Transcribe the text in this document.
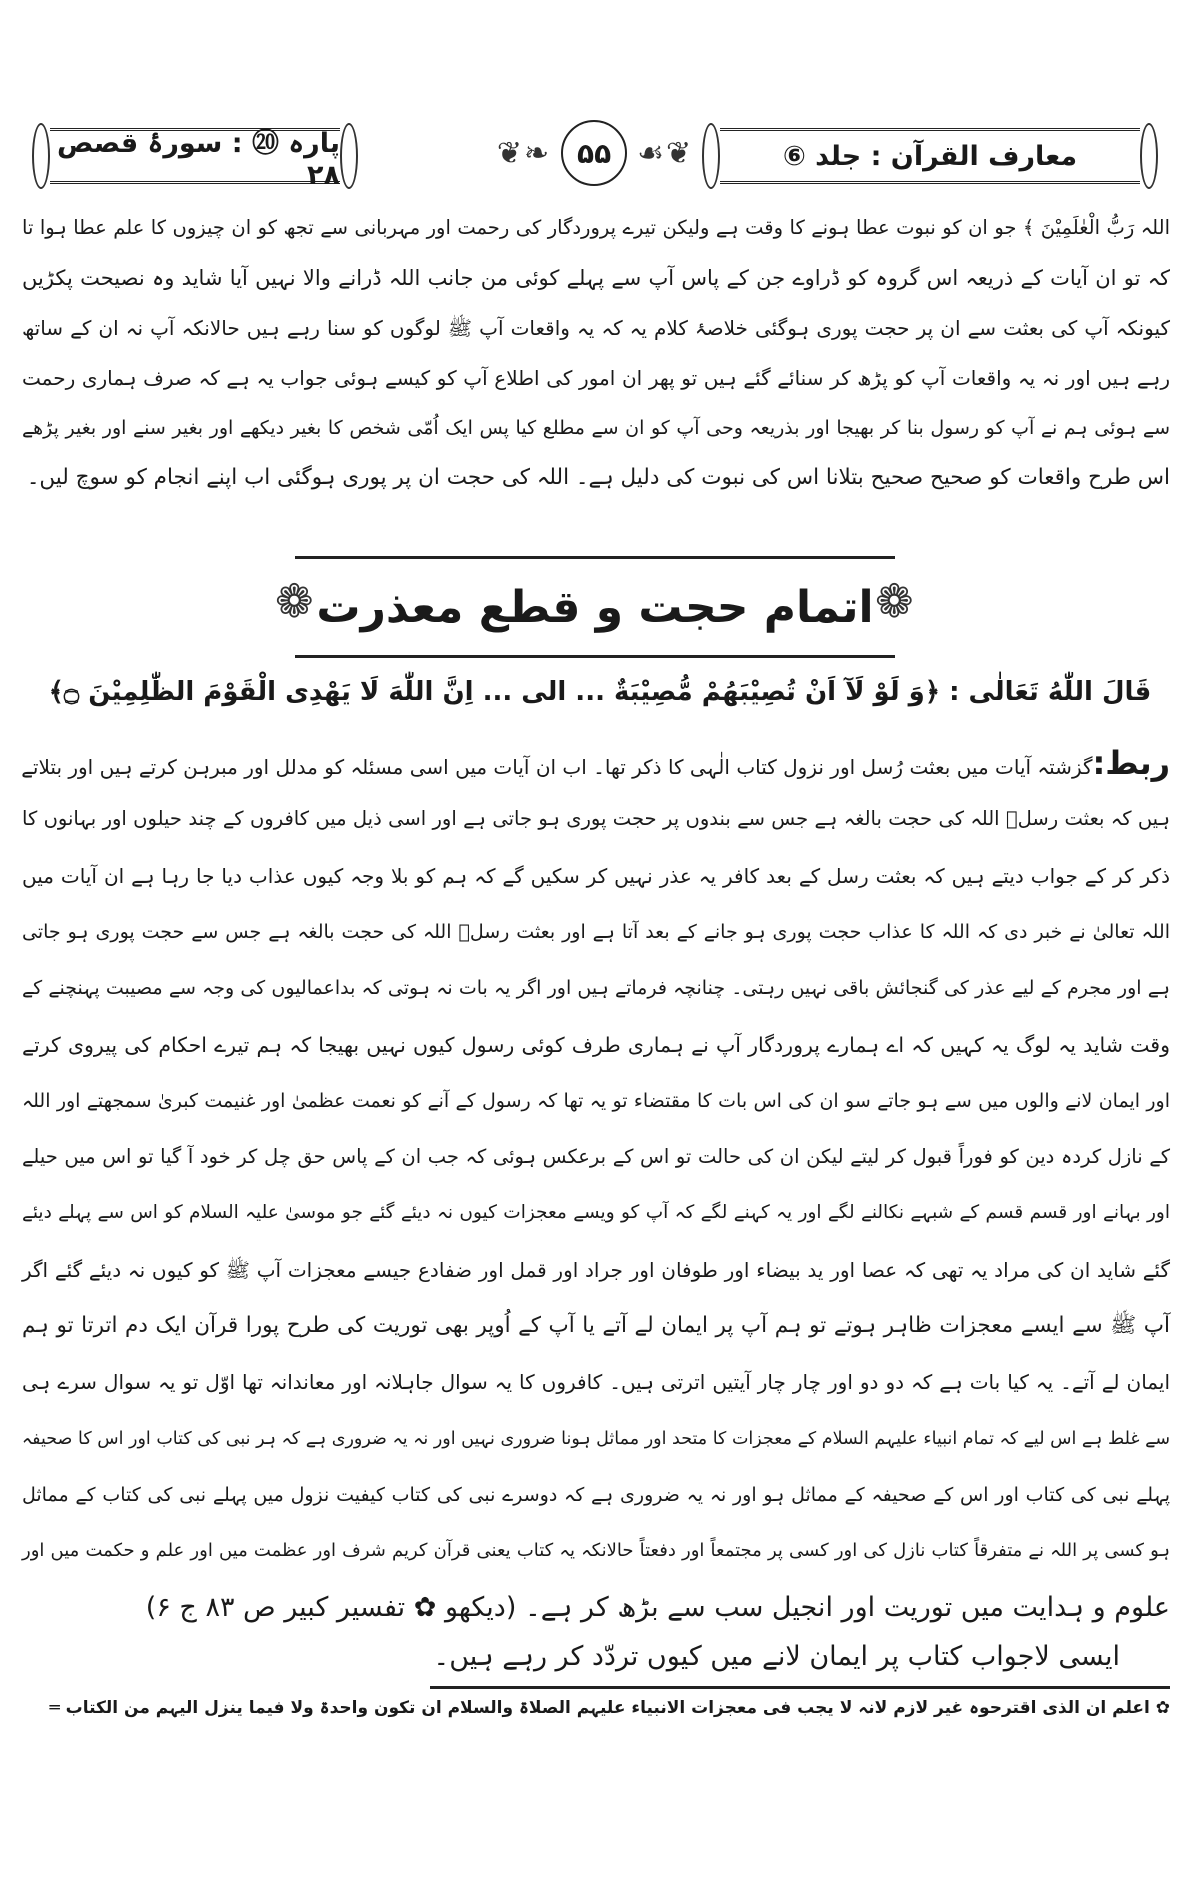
معارف القرآن : جلد ⑥
❦❧ ۵۵ ☙❦
پارہ ⑳ : سورۂ قصص ۲۸
اللہ رَبُّ الْعٰلَمِیْنَ ﴾ جو ان کو نبوت عطا ہونے کا وقت ہے ولیکن تیرے پروردگار کی رحمت اور مہربانی سے تجھ کو ان چیزوں کا علم عطا ہوا تا
کہ تو ان آیات کے ذریعہ اس گروہ کو ڈراوے جن کے پاس آپ سے پہلے کوئی من جانب اللہ ڈرانے والا نہیں آیا شاید وہ نصیحت پکڑیں
کیونکہ آپ کی بعثت سے ان پر حجت پوری ہوگئی خلاصۂ کلام یہ کہ یہ واقعات آپ ﷺ لوگوں کو سنا رہے ہیں حالانکہ آپ نہ ان کے ساتھ
رہے ہیں اور نہ یہ واقعات آپ کو پڑھ کر سنائے گئے ہیں تو پھر ان امور کی اطلاع آپ کو کیسے ہوئی جواب یہ ہے کہ صرف ہماری رحمت
سے ہوئی ہم نے آپ کو رسول بنا کر بھیجا اور بذریعہ وحی آپ کو ان سے مطلع کیا پس ایک اُمّی شخص کا بغیر دیکھے اور بغیر سنے اور بغیر پڑھے
اس طرح واقعات کو صحیح صحیح بتلانا اس کی نبوت کی دلیل ہے۔ اللہ کی حجت ان پر پوری ہوگئی اب اپنے انجام کو سوچ لیں۔
❁ اتمام حجت و قطع معذرت ❁
قَالَ اللّٰهُ تَعَالٰی : ﴿وَ لَوْ لَآ اَنْ تُصِیْبَهُمْ مُّصِیْبَةٌ ... الی ... اِنَّ اللّٰهَ لَا یَهْدِی الْقَوْمَ الظّٰلِمِیْنَ ۝﴾
ربط:گزشتہ آیات میں بعثت رُسل اور نزول کتاب الٰہی کا ذکر تھا۔ اب ان آیات میں اسی مسئلہ کو مدلل اور مبرہن کرتے ہیں اور بتلاتے
ہیں کہ بعثت رسلؑ اللہ کی حجت بالغہ ہے جس سے بندوں پر حجت پوری ہو جاتی ہے اور اسی ذیل میں کافروں کے چند حیلوں اور بہانوں کا
ذکر کر کے جواب دیتے ہیں کہ بعثت رسل کے بعد کافر یہ عذر نہیں کر سکیں گے کہ ہم کو بلا وجہ کیوں عذاب دیا جا رہا ہے ان آیات میں
اللہ تعالیٰ نے خبر دی کہ اللہ کا عذاب حجت پوری ہو جانے کے بعد آتا ہے اور بعثت رسلؑ اللہ کی حجت بالغہ ہے جس سے حجت پوری ہو جاتی
ہے اور مجرم کے لیے عذر کی گنجائش باقی نہیں رہتی۔ چنانچہ فرماتے ہیں اور اگر یہ بات نہ ہوتی کہ بداعمالیوں کی وجہ سے مصیبت پہنچنے کے
وقت شاید یہ لوگ یہ کہیں کہ اے ہمارے پروردگار آپ نے ہماری طرف کوئی رسول کیوں نہیں بھیجا کہ ہم تیرے احکام کی پیروی کرتے
اور ایمان لانے والوں میں سے ہو جاتے سو ان کی اس بات کا مقتضاء تو یہ تھا کہ رسول کے آنے کو نعمت عظمیٰ اور غنیمت کبریٰ سمجھتے اور اللہ
کے نازل کردہ دین کو فوراً قبول کر لیتے لیکن ان کی حالت تو اس کے برعکس ہوئی کہ جب ان کے پاس حق چل کر خود آ گیا تو اس میں حیلے
اور بہانے اور قسم قسم کے شبہے نکالنے لگے اور یہ کہنے لگے کہ آپ کو ویسے معجزات کیوں نہ دیئے گئے جو موسیٰ علیہ السلام کو اس سے پہلے دیئے
گئے شاید ان کی مراد یہ تھی کہ عصا اور ید بیضاء اور طوفان اور جراد اور قمل اور ضفادع جیسے معجزات آپ ﷺ کو کیوں نہ دیئے گئے اگر
آپ ﷺ سے ایسے معجزات ظاہر ہوتے تو ہم آپ پر ایمان لے آتے یا آپ کے اُوپر بھی توریت کی طرح پورا قرآن ایک دم اترتا تو ہم
ایمان لے آتے۔ یہ کیا بات ہے کہ دو دو اور چار چار آیتیں اترتی ہیں۔ کافروں کا یہ سوال جاہلانہ اور معاندانہ تھا اوّل تو یہ سوال سرے ہی
سے غلط ہے اس لیے کہ تمام انبیاء علیہم السلام کے معجزات کا متحد اور مماثل ہونا ضروری نہیں اور نہ یہ ضروری ہے کہ ہر نبی کی کتاب اور اس کا صحیفہ
پہلے نبی کی کتاب اور اس کے صحیفہ کے مماثل ہو اور نہ یہ ضروری ہے کہ دوسرے نبی کی کتاب کیفیت نزول میں پہلے نبی کی کتاب کے مماثل
ہو کسی پر اللہ نے متفرقاً کتاب نازل کی اور کسی پر مجتمعاً اور دفعتاً حالانکہ یہ کتاب یعنی قرآن کریم شرف اور عظمت میں اور علم و حکمت میں اور
علوم و ہدایت میں توریت اور انجیل سب سے بڑھ کر ہے۔ (دیکھو ✿ تفسیر کبیر ص ۸۳ ج ۶)
ایسی لاجواب کتاب پر ایمان لانے میں کیوں تردّد کر رہے ہیں۔
✿ اعلم ان الذی اقترحوہ غیر لازم لانہ لا یجب فی معجزات الانبیاء علیہم الصلاۃ والسلام ان تکون واحدۃ ولا فیما ینزل الیہم من الکتاب ═
